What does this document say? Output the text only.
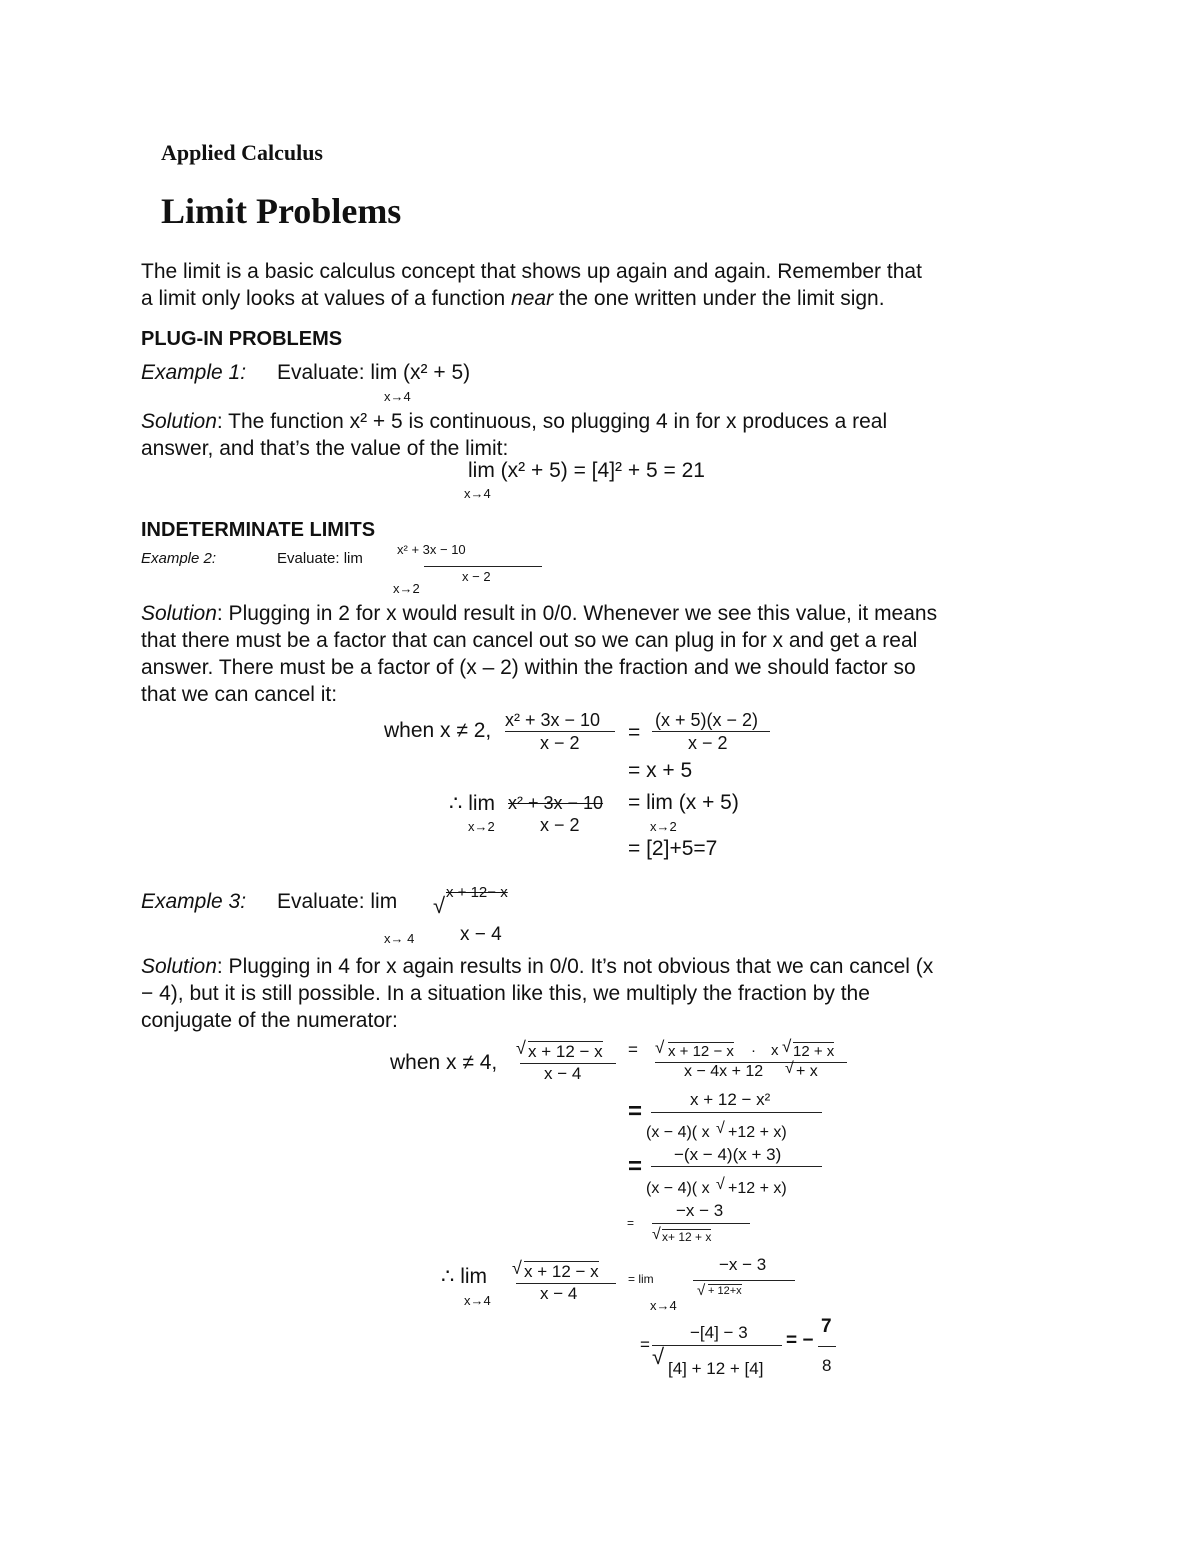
Applied Calculus
Limit Problems
The limit is a basic calculus concept that shows up again and again. Remember that
a limit only looks at values of a function near the one written under the limit sign.
PLUG-IN PROBLEMS
Example 1: Evaluate: lim (x² + 5)
x→4
Solution: The function x² + 5 is continuous, so plugging 4 in for x produces a real
answer, and that’s the value of the limit:
lim (x² + 5) = [4]² + 5 = 21
x→4
INDETERMINATE LIMITS
Example 2:	Evaluate: lim
x² + 3x − 10
x − 2
x→2
Solution: Plugging in 2 for x would result in 0/0. Whenever we see this value, it means
that there must be a factor that can cancel out so we can plug in for x and get a real
answer. There must be a factor of (x – 2) within the fraction and we should factor so
that we can cancel it:
when x ≠ 2, x² + 3x − 10
x − 2 =
(x + 5)(x − 2)
x − 2
= x + 5
∴ lim x² + 3x − 10
x − 2
x→2
= lim (x + 5)
x→2
= [2]+5=7
Example 3: Evaluate: lim √
x + 12− x
x − 4
x→ 4
Solution: Plugging in 4 for x again results in 0/0. It’s not obvious that we can cancel (x
− 4), but it is still possible. In a situation like this, we multiply the fraction by the
conjugate of the numerator:
when x ≠ 4,
√ x + 12 − x
x − 4
= √ x + 12 − x · x √ 12 + x
x − 4x + 12 √ + x
=	x + 12 − x²
(x − 4)( x √ +12 + x)
= −(x − 4)(x + 3)
(x − 4)( x √ +12 + x)
=
−x − 3
√ x+ 12 + x
∴ lim
x→4
√ x + 12 − x
x − 4
= lim
x→4
−x − 3
√ + 12+x
=
−[4] − 3
√ [4] + 12 + [4]
= −
7
8
